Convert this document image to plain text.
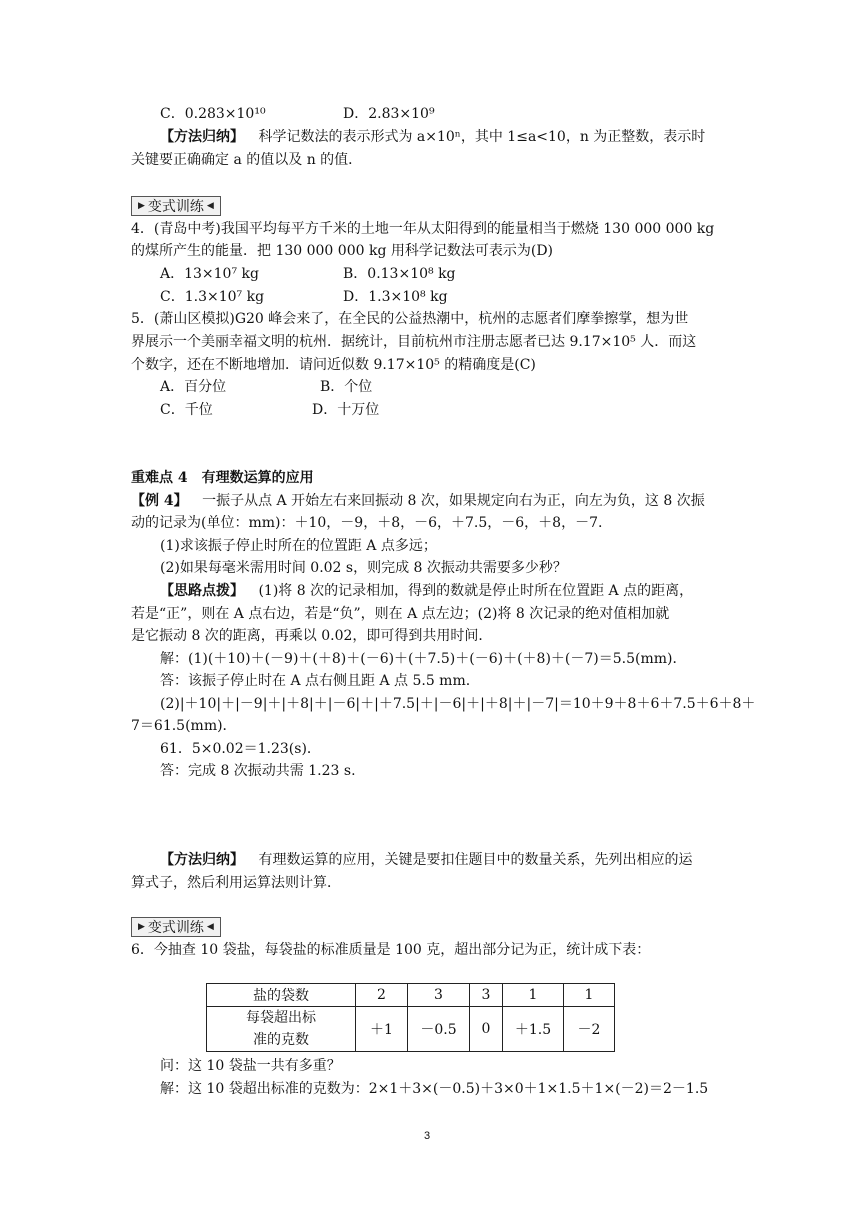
C．0.283×10¹⁰	D．2.83×10⁹
【方法归纳】 科学记数法的表示形式为 a×10ⁿ，其中 1≤a<10，n 为正整数，表示时
关键要正确确定 a 的值以及 n 的值．
▶ 变式训练 ◀
4．(青岛中考)我国平均每平方千米的土地一年从太阳得到的能量相当于燃烧 130 000 000 kg
的煤所产生的能量．把 130 000 000 kg 用科学记数法可表示为(D)
A．13×10⁷ kg	B．0.13×10⁸ kg
C．1.3×10⁷ kg	D．1.3×10⁸ kg
5．(萧山区模拟)G20 峰会来了，在全民的公益热潮中，杭州的志愿者们摩拳擦掌，想为世
界展示一个美丽幸福文明的杭州．据统计，目前杭州市注册志愿者已达 9.17×10⁵ 人．而这
个数字，还在不断地增加．请问近似数 9.17×10⁵ 的精确度是(C)
A．百分位	B．个位
C．千位	D．十万位
重难点 4　有理数运算的应用
【例 4】 一振子从点 A 开始左右来回振动 8 次，如果规定向右为正，向左为负，这 8 次振
动的记录为(单位：mm)：＋10，－9，＋8，－6，＋7.5，－6，＋8，－7.
(1)求该振子停止时所在的位置距 A 点多远；
(2)如果每毫米需用时间 0.02 s，则完成 8 次振动共需要多少秒？
【思路点拨】 (1)将 8 次的记录相加，得到的数就是停止时所在位置距 A 点的距离，
若是“正”，则在 A 点右边，若是“负”，则在 A 点左边；(2)将 8 次记录的绝对值相加就
是它振动 8 次的距离，再乘以 0.02，即可得到共用时间．
解：(1)(＋10)＋(－9)＋(＋8)＋(－6)＋(＋7.5)＋(－6)＋(＋8)＋(－7)＝5.5(mm)．
答：该振子停止时在 A 点右侧且距 A 点 5.5 mm.
(2)|＋10|＋|－9|＋|＋8|＋|－6|＋|＋7.5|＋|－6|＋|＋8|＋|－7|＝10＋9＋8＋6＋7.5＋6＋8＋
7＝61.5(mm)．
61．5×0.02＝1.23(s)．
答：完成 8 次振动共需 1.23 s.
【方法归纳】 有理数运算的应用，关键是要扣住题目中的数量关系，先列出相应的运
算式子，然后利用运算法则计算．
▶ 变式训练 ◀
6．今抽查 10 袋盐，每袋盐的标准质量是 100 克，超出部分记为正，统计成下表：
盐的袋数	2	3	3	1	1

每袋超出标
准的克数	＋1	－0.5	0	＋1.5	－2
问：这 10 袋盐一共有多重？
解：这 10 袋超出标准的克数为：2×1＋3×(－0.5)＋3×0＋1×1.5＋1×(－2)＝2－1.5
3
